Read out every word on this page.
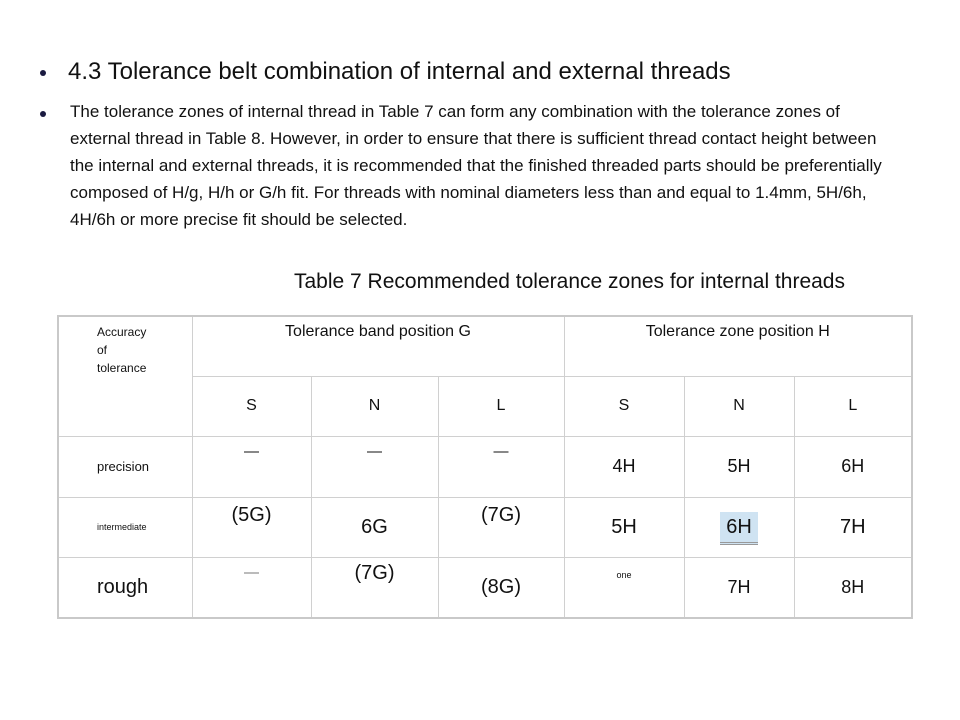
4.3 Tolerance belt combination of internal and external threads
The tolerance zones of internal thread in Table 7 can form any combination with the tolerance zones of external thread in Table 8. However, in order to ensure that there is sufficient thread contact height between the internal and external threads, it is recommended that the finished threaded parts should be preferentially composed of H/g, H/h or G/h fit. For threads with nominal diameters less than and equal to 1.4mm, 5H/6h, 4H/6h or more precise fit should be selected.
Table 7 Recommended tolerance zones for internal threads
Accuracy
of
tolerance	Tolerance band position G			Tolerance zone position H		
	S	N	L	S	N	L
precision	—	—	—	4H	5H	6H
intermediate	(5G)	6G	(7G)	5H	6H	7H
rough	—	(7G)	(8G)	one	7H	8H
